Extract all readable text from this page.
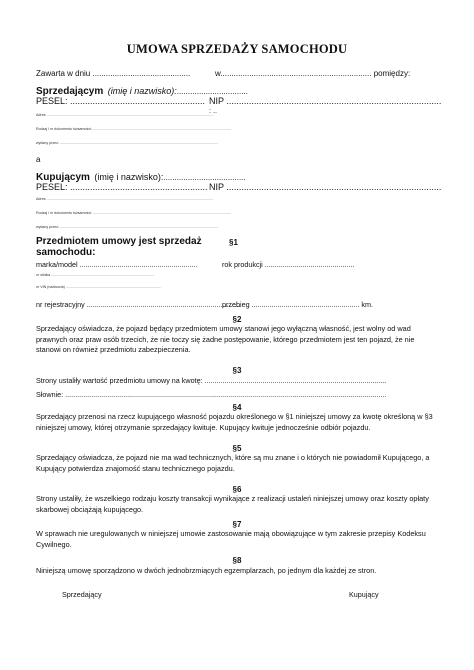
UMOWA SPRZEDAŻY SAMOCHODU
Zawarta w dniu ............................................	w.................................................................... pomiędzy:
Sprzedającym (imię i nazwisko):................................
PESEL: ...................................................... NIP ......................................................................................
: ..
Adres: ......................................................................................................................................................................
Rodzaj i nr dokumentu tożsamości: ..........................................................................................................................................
wydany przez: ..............................................................................................................................................................
a
Kupującym (imię i nazwisko):.....................................
PESEL: ....................................................... NIP ......................................................................................
Adres: ......................................................................................................................................................................
Rodzaj i nr dokumentu tożsamości: ..........................................................................................................................................
wydany przez: ..............................................................................................................................................................
Przedmiotem umowy jest sprzedaż
samochodu:
§1
marka/model ...........................................................	rok produkcji .............................................
nr silnika .......................................................................................................
nr VIN (nadwozia) ...............................................................................................
nr rejestracyjny .............................................................................
przebieg ...................................................... km.
§2
Sprzedający oświadcza, że pojazd będący przedmiotem umowy stanowi jego wyłączną własność, jest wolny od wad prawnych oraz praw osób trzecich, że nie toczy się żadne postępowanie, którego przedmiotem jest ten pojazd, że nie stanowi on również przedmiotu zabezpieczenia.
§3
Strony ustaliły wartość przedmiotu umowy na kwotę: ...........................................................................................
Słownie: .................................................................................................................................................................
§4
Sprzedający przenosi na rzecz kupującego własność pojazdu określonego w §1 niniejszej umowy za kwotę określoną w §3 niniejszej umowy, której otrzymanie sprzedający kwituje. Kupujący kwituje jednocześnie odbiór pojazdu.
§5
Sprzedający oświadcza, że pojazd nie ma wad technicznych, które są mu znane i o których nie powiadomił Kupującego, a Kupujący potwierdza znajomość stanu technicznego pojazdu.
§6
Strony ustaliły, że wszelkiego rodzaju koszty transakcji wynikające z realizacji ustaleń niniejszej umowy oraz koszty opłaty skarbowej obciążają kupującego.
§7
W sprawach nie uregulowanych w niniejszej umowie zastosowanie mają obowiązujące w tym zakresie przepisy Kodeksu Cywilnego.
§8
Niniejszą umowę sporządzono w dwóch jednobrzmiących egzemplarzach, po jednym dla każdej ze stron.
Sprzedający	Kupujący
